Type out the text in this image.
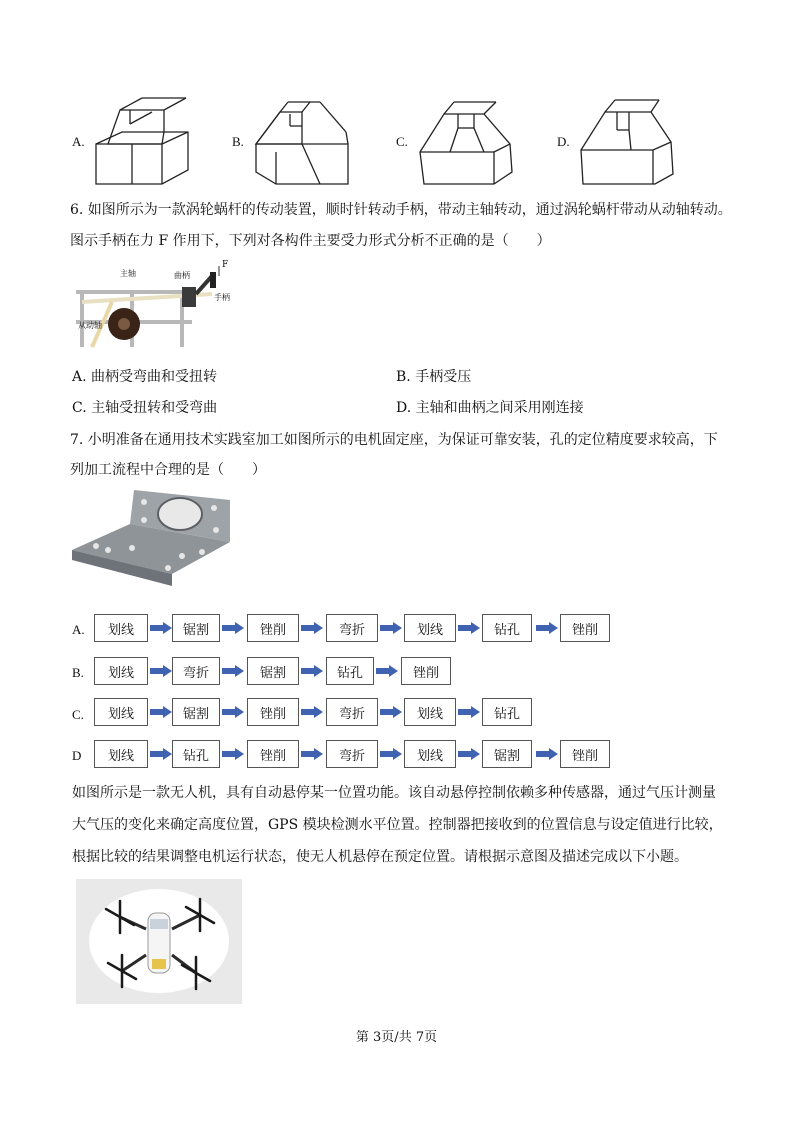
A.	B.	C.	D.
6. 如图所示为一款涡轮蜗杆的传动装置，顺时针转动手柄，带动主轴转动，通过涡轮蜗杆带动从动轴转动。
图示手柄在力 F 作用下，下列对各构件主要受力形式分析不正确的是（　　）
主轴	曲柄
F
手柄
从动轴
A. 曲柄受弯曲和受扭转	B. 手柄受压
C. 主轴受扭转和受弯曲	D. 主轴和曲柄之间采用刚连接
7. 小明准备在通用技术实践室加工如图所示的电机固定座，为保证可靠安装，孔的定位精度要求较高，下
列加工流程中合理的是（　　）
A.	划线	锯割	锉削	弯折	划线	钻孔	锉削
B.	划线	弯折	锯割	钻孔	锉削
C.	划线	锯割	锉削	弯折	划线	钻孔
D	划线	钻孔	锉削	弯折	划线	锯割	锉削
如图所示是一款无人机，具有自动悬停某一位置功能。该自动悬停控制依赖多种传感器，通过气压计测量
大气压的变化来确定高度位置，GPS 模块检测水平位置。控制器把接收到的位置信息与设定值进行比较，
根据比较的结果调整电机运行状态，使无人机悬停在预定位置。请根据示意图及描述完成以下小题。
第 3页/共 7页
